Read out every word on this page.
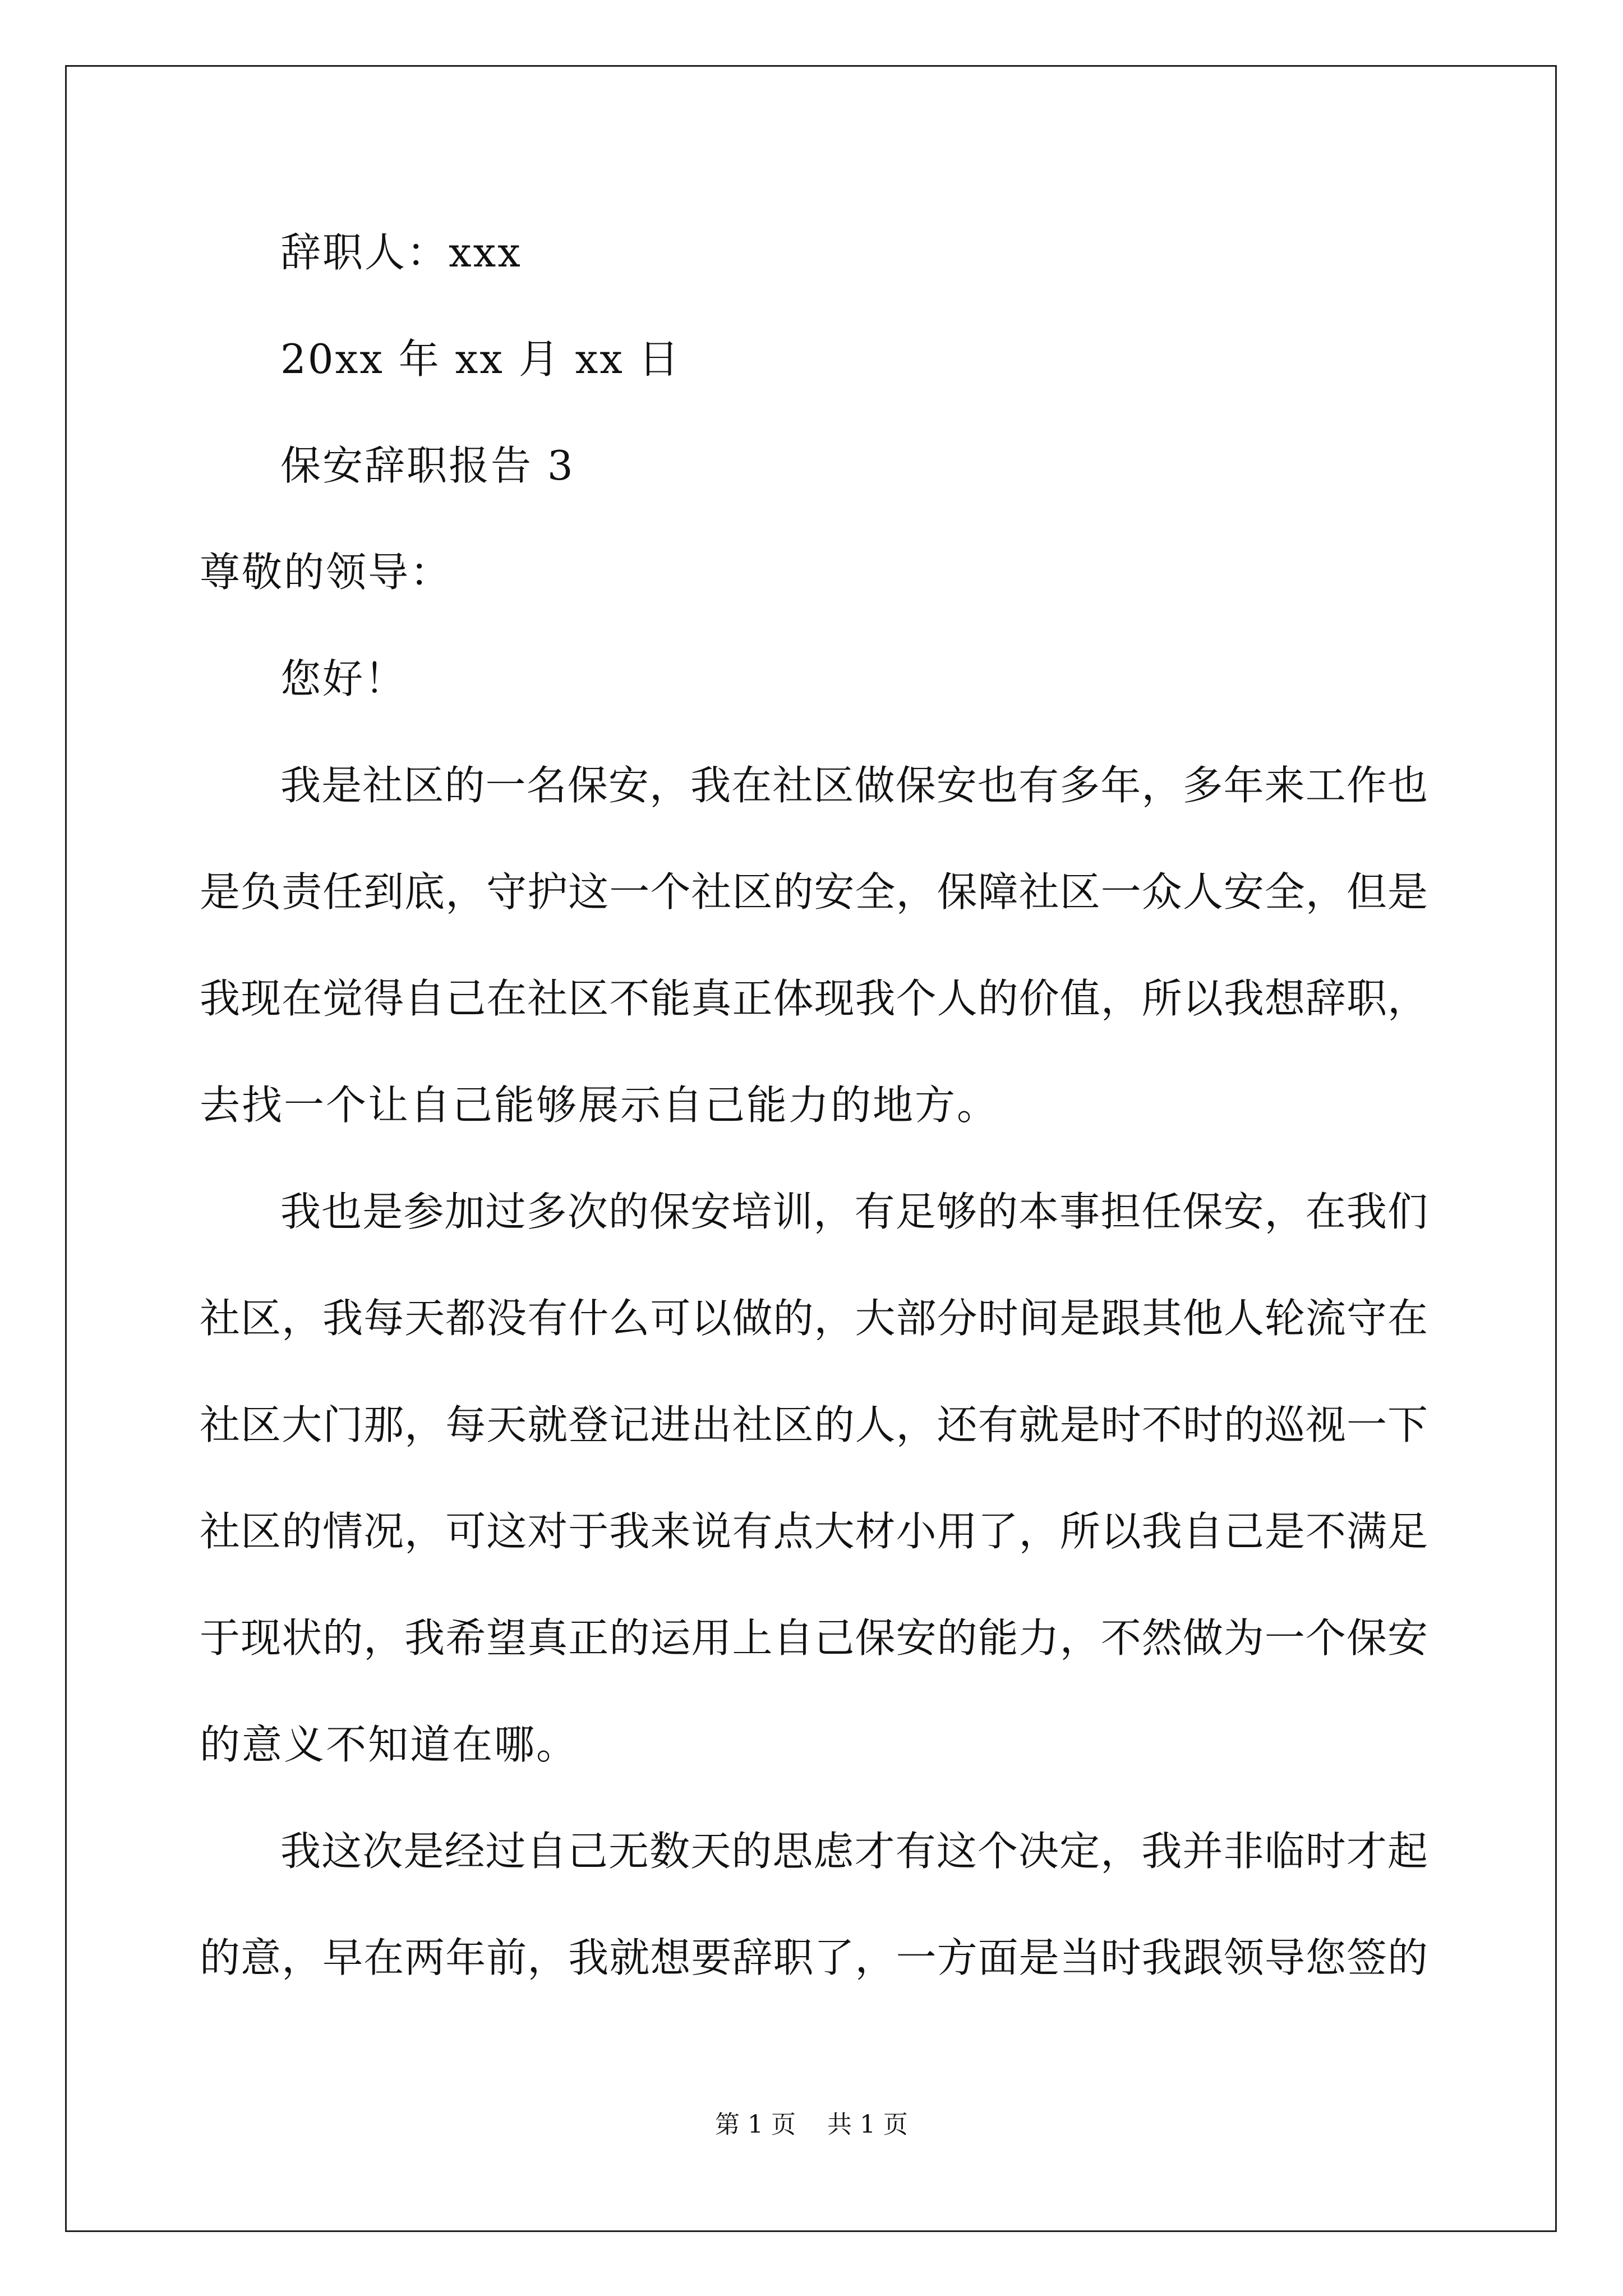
辞职人：xxx
20xx 年 xx 月 xx 日
保安辞职报告 3
尊敬的领导：
您好！
我是社区的一名保安，我在社区做保安也有多年，多年来工作也
是负责任到底，守护这一个社区的安全，保障社区一众人安全，但是
我现在觉得自己在社区不能真正体现我个人的价值，所以我想辞职，
去找一个让自己能够展示自己能力的地方。
我也是参加过多次的保安培训，有足够的本事担任保安，在我们
社区，我每天都没有什么可以做的，大部分时间是跟其他人轮流守在
社区大门那，每天就登记进出社区的人，还有就是时不时的巡视一下
社区的情况，可这对于我来说有点大材小用了，所以我自己是不满足
于现状的，我希望真正的运用上自己保安的能力，不然做为一个保安
的意义不知道在哪。
我这次是经过自己无数天的思虑才有这个决定，我并非临时才起
的意，早在两年前，我就想要辞职了，一方面是当时我跟领导您签的
第 1 页 共 1 页
